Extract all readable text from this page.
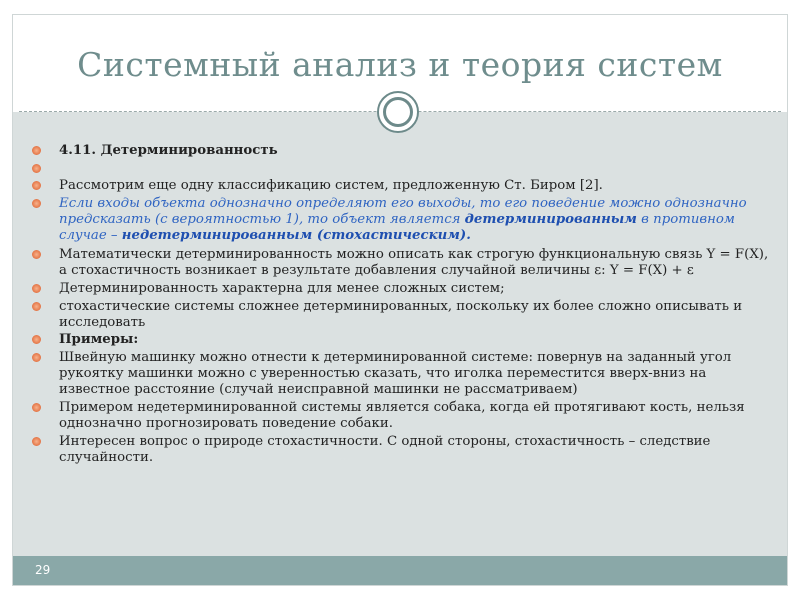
Системный анализ и теория систем
4.11. Детерминированность
Рассмотрим еще одну классификацию систем, предложенную Ст. Биром [2].
Если входы объекта однозначно определяют его выходы, то его поведение можно однозначно предсказать (с вероятностью 1), то объект является детерминированным в противном случае – недетерминированным (стохастическим).
Математически детерминированность можно описать как строгую функциональную связь Y = F(X), а стохастичность возникает в результате добавления случайной величины ε: Y = F(X) + ε
Детерминированность характерна для менее сложных систем;
стохастические системы сложнее детерминированных, поскольку их более сложно описывать и исследовать
Примеры:
Швейную машинку можно отнести к детерминированной системе: повернув на заданный угол рукоятку машинки можно с уверенностью сказать, что иголка переместится вверх-вниз на известное расстояние (случай неисправной машинки не рассматриваем)
Примером недетерминированной системы является собака, когда ей протягивают кость, нельзя однозначно прогнозировать поведение собаки.
Интересен вопрос о природе стохастичности. С одной стороны, стохастичность – следствие случайности.
29
